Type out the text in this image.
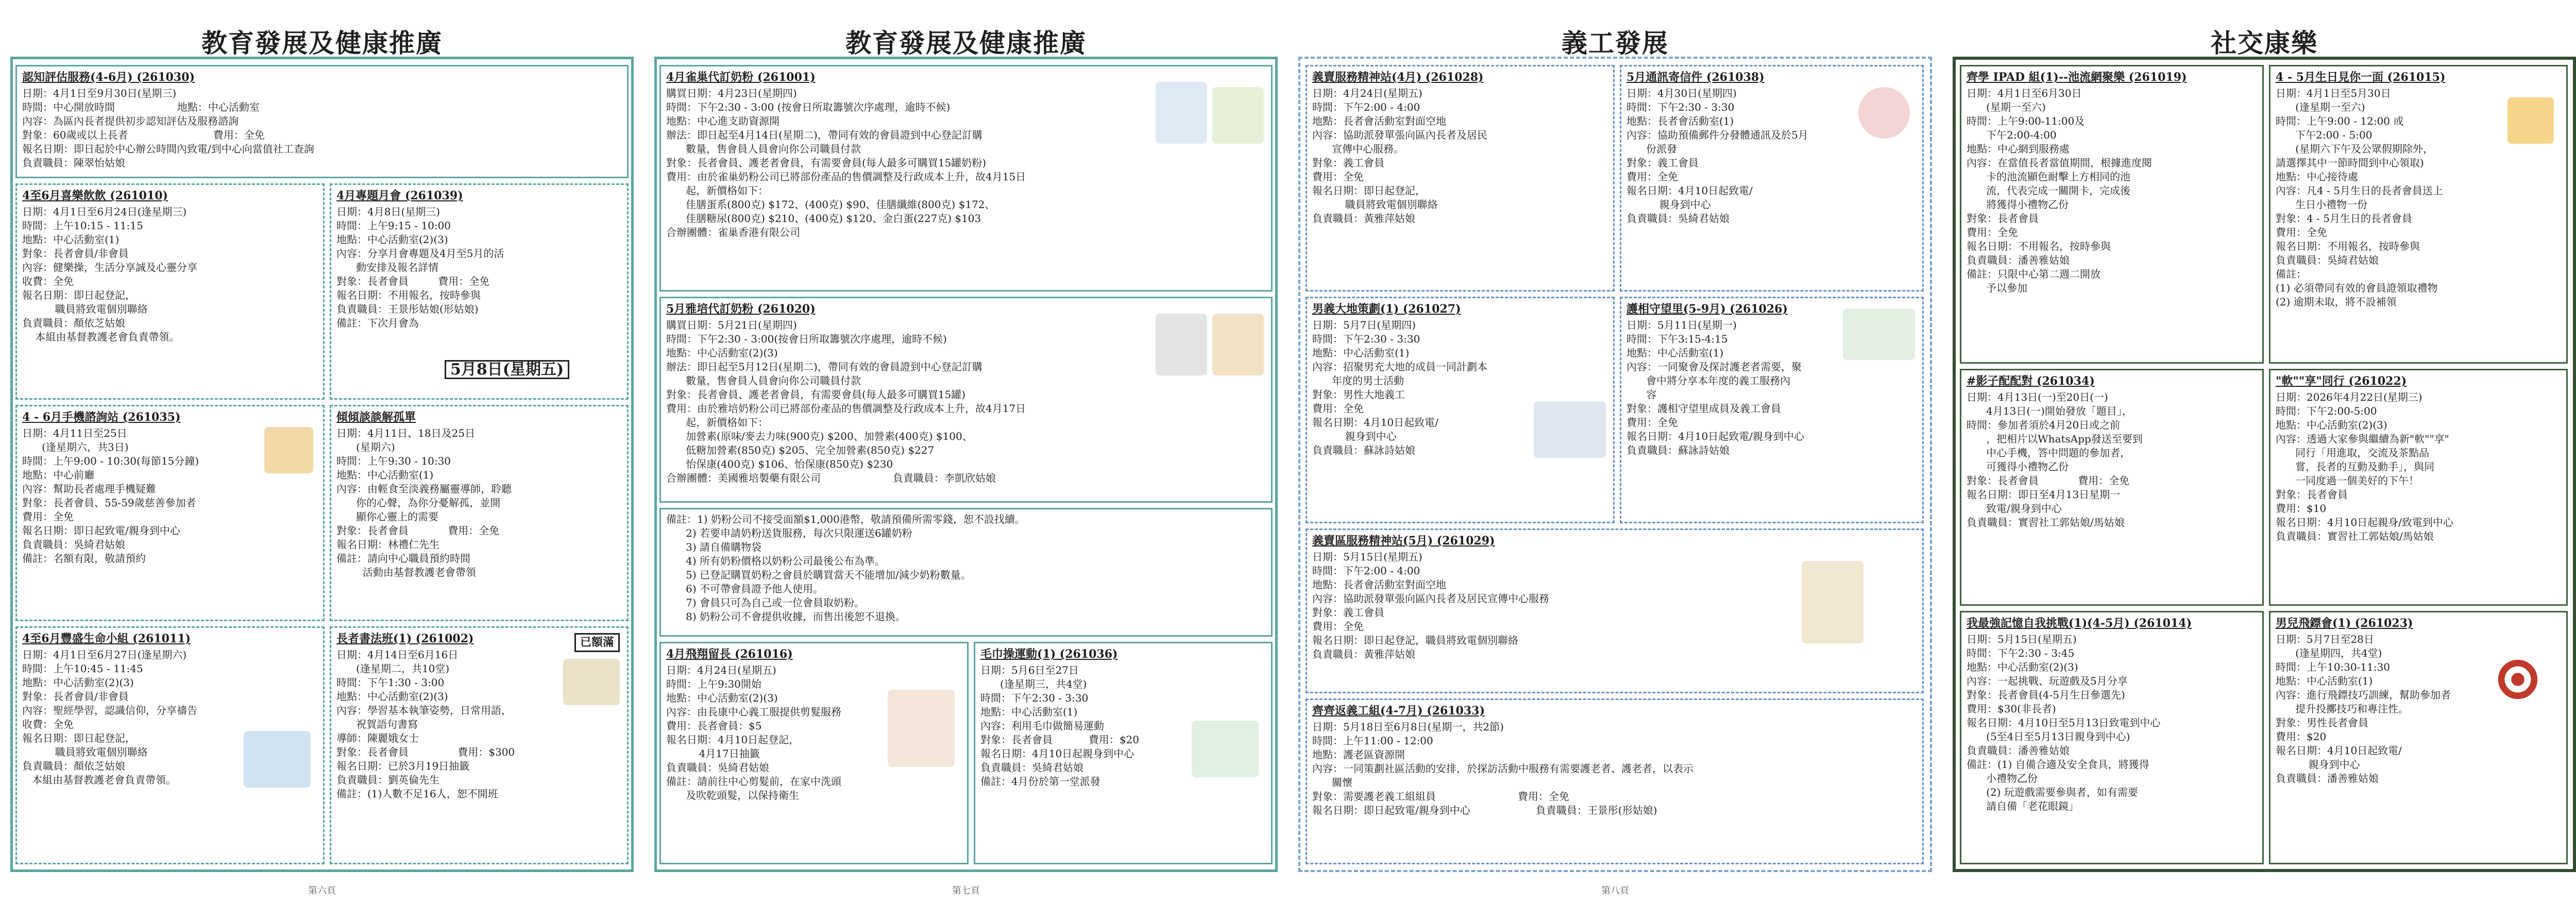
教育發展及健康推廣
認知評估服務(4-6月) (261030)

日期：4月1日至9月30日(星期三)
時間：中心開放時間                   地點：中心活動室
內容：為區內長者提供初步認知評估及服務諮詢
對象：60歲或以上長者                          費用：全免
報名日期：即日起於中心辦公時間內致電/到中心向當值社工查詢
負責職員：陳翠怡姑娘

4至6月喜樂飲飲 (261010)

日期：4月1日至6月24日(逢星期三)
時間：上午10:15 - 11:15
地點：中心活動室(1)
對象：長者會員/非會員
內容：健樂操，生活分享誠及心靈分享
收費：全免
報名日期：即日起登記，
職員將致電個別聯絡
負責職員：顏依芝姑娘
本組由基督教護老會負責帶領。

4月專題月會 (261039)

日期：4月8日(星期三)
時間：上午9:15 - 10:00
地點：中心活動室(2)(3)
內容：分享月會專題及4月至5月的活
動安排及報名詳情
對象：長者會員         費用：全免
報名日期：不用報名，按時參與
負責職員：王景彤姑娘(形姑娘)
備註：下次月會為

5月8日(星期五)
4 - 6月手機諮詢站 (261035)

日期：4月11日至25日
(逢星期六，共3日)
時間：上午9:00 - 10:30(每節15分鐘)
地點：中心前廳
內容：幫助長者處理手機疑難
對象：長者會員、55-59歲慈善參加者
費用：全免
報名日期：即日起致電/親身到中心
負責職員：吳綺君姑娘
備註：名額有限，敬請預約

傾傾談談解孤單

日期：4月11日、18日及25日
(星期六)
時間：上午9:30 - 10:30
地點：中心活動室(1)
內容：由輕食至淡義務屬靈導師，聆聽
你的心聲，為你分憂解孤，並開
顯你心靈上的需要
對象：長者會員            費用：全免
報名日期：林禮仁先生
備註：請向中心職員預約時間
活動由基督教護老會帶領

4至6月豐盛生命小組 (261011)

日期：4月1日至6月27日(逢星期六)
時間：上午10:45 - 11:45
地點：中心活動室(2)(3)
對象：長者會員/非會員
內容：聖經學習，認識信仰，分享禱告
收費：全免
報名日期：即日起登記，
職員將致電個別聯絡
負責職員：顏依芝姑娘
本組由基督教護老會負責帶領。

長者書法班(1) (261002)

日期：4月14日至6月16日
(逢星期二，共10堂)
時間：下午1:30 - 3:00
地點：中心活動室(2)(3)
內容：學習基本執筆姿勢，日常用語，
祝賀語句書寫
導師：陳麗娥女士
對象：長者會員               費用：$300
報名日期：已於3月19日抽籤
負責職員：劉英倫先生
備註：(1)人數不足16人，恕不開班

已額滿
第六頁
教育發展及健康推廣
4月雀巢代訂奶粉 (261001)

購買日期：4月23日(星期四)
時間：下午2:30 - 3:00 (按會日所取籌號次序處理，逾時不候)
地點：中心進支助資源開
辦法：即日起至4月14日(星期二)，帶同有效的會員證到中心登記訂購
數量，售會員人員會向你公司職員付款
對象：長者會員、護老者會員，有需要會員(每人最多可購買15罐奶粉)
費用：由於雀巢奶粉公司已將部份產品的售價調整及行政成本上升，故4月15日
起，新價格如下：
佳膳蛋系(800克) $172、(400克) $90、佳膳纖維(800克) $172、
佳膳糖尿(800克) $210、(400克) $120、金白蛋(227克) $103
合辦團體：雀巢香港有限公司

5月雅培代訂奶粉 (261020)

購買日期：5月21日(星期四)
時間：下午2:30 - 3:00(按會日所取籌號次序處理，逾時不候)
地點：中心活動室(2)(3)
辦法：即日起至5月12日(星期二)，帶同有效的會員證到中心登記訂購
數量，售會員人員會向你公司職員付款
對象：長者會員、護老者會員，有需要會員(每人最多可購買15罐)
費用：由於雅培奶粉公司已將部份產品的售價調整及行政成本上升，故4月17日
起，新價格如下：
加營素(原味/麥去力味(900克) $200、加營素(400克) $100、
低糖加營素(850克) $205、完全加營素(850克) $227
怡保康(400克) $106、怡保康(850克) $230
合辦團體：美國雅培製藥有限公司                      負責職員：李凱欣姑娘

備註：1) 奶粉公司不接受面額$1,000港幣，敬請預備所需零錢，恕不設找續。
2) 若要申請奶粉送貨服務，每次只限運送6罐奶粉
3) 請自備購物袋
4) 所有奶粉價格以奶粉公司最後公布為準。
5) 已登記購買奶粉之會員於購買當天不能增加/減少奶粉數量。
6) 不可帶會員證予他人使用。
7) 會員只可為自己或一位會員取奶粉。
8) 奶粉公司不會提供收據，而售出後恕不退換。

4月飛翔留長 (261016)

日期：4月24日(星期五)
時間：上午9:30開始
地點：中心活動室(2)(3)
內容：由長康中心義工服提供剪髮服務
費用：長者會員：$5
報名日期：4月10日起登記，
4月17日抽籤
負責職員：吳綺君姑娘
備註：請前往中心剪髮前，在家中洗頭
及吹乾頭髮，以保持衛生

毛巾操運動(1) (261036)

日期：5月6日至27日
(逢星期三，共4堂)
時間：下午2:30 - 3:30
地點：中心活動室(1)
內容：利用毛巾做簡易運動
對象：長者會員           費用：$20
報名日期：4月10日起親身到中心
負責職員：吳綺君姑娘
備註：4月份於第一堂派發

第七頁
義工發展
義賣服務精神站(4月) (261028)

日期：4月24日(星期五)
時間：下午2:00 - 4:00
地點：長者會活動室對面空地
內容：協助派發單張向區內長者及居民
宣傳中心服務。
對象：義工會員
費用：全免
報名日期：即日起登記，
職員將致電個別聯絡
負責職員：黃雅萍姑娘

5月通訊寄信件 (261038)

日期：4月30日(星期四)
時間：下午2:30 - 3:30
地點：長者會活動室(1)
內容：協助預備郵件分發體通訊及於5月
份派發
對象：義工會員
費用：全免
報名日期：4月10日起致電/
親身到中心
負責職員：吳綺君姑娘

男義大地策劃(1) (261027)

日期：5月7日(星期四)
時間：下午2:30 - 3:30
地點：中心活動室(1)
內容：招聚男充大地的成員一同計劃本
年度的男士活動
對象：男性大地義工
費用：全免
報名日期：4月10日起致電/
親身到中心
負責職員：蘇詠詩姑娘

護相守望里(5-9月) (261026)

日期：5月11日(星期一)
時間：下午3:15-4:15
地點：中心活動室(1)
內容：一同聚會及探討護老者需要，聚
會中將分享本年度的義工服務內
容
對象：護相守望里成員及義工會員
費用：全免
報名日期：4月10日起致電/親身到中心
負責職員：蘇詠詩姑娘

義賣區服務精神站(5月) (261029)

日期：5月15日(星期五)
時間：下午2:00 - 4:00
地點：長者會活動室對面空地
內容：協助派發單張向區內長者及居民宣傳中心服務
對象：義工會員
費用：全免
報名日期：即日起登記，職員將致電個別聯絡
負責職員：黃雅萍姑娘

齊齊返義工組(4-7月) (261033)

日期：5月18日至6月8日(星期一，共2節)
時間：上午11:00 - 12:00
地點：護老區資源開
內容：一同策劃社區活動的安排，於探訪活動中服務有需要護老者、護老者，以表示
關懷
對象：需要護老義工組組員                         費用：全免
報名日期：即日起致電/親身到中心                    負責職員：王景彤(形姑娘)

第八頁
社交康樂
齊學 IPAD 組(1)--池流網聚樂 (261019)

日期：4月1日至6月30日
(星期一至六)
時間：上午9:00-11:00及
下午2:00-4:00
地點：中心網到服務處
內容：在當值長者當值期間，根據進度閱
卡的池流顯色耐擊上方相同的池
流，代表完成一關開卡，完成後
將獲得小禮物乙份
對象：長者會員
費用：全免
報名日期：不用報名，按時參與
負責職員：潘善雅姑娘
備註：只限中心第二週二開放
予以參加

4 - 5月生日見你一面 (261015)

日期：4月1日至5月30日
(逢星期一至六)
時間：上午9:00 - 12:00 或
下午2:00 - 5:00
(星期六下午及公眾假期除外，
請選擇其中一節時間到中心領取)
地點：中心接待處
內容：凡4 - 5月生日的長者會員送上
生日小禮物一份
對象：4 - 5月生日的長者會員
費用：全免
報名日期：不用報名，按時參與
負責職員：吳綺君姑娘
備註：
(1) 必須帶同有效的會員證領取禮物
(2) 逾期未取，將不設補領

#影子配配對 (261034)

日期：4月13日(一)至20日(一)
4月13日(一)開始發放「題目」，
時間：參加者須於4月20日或之前
，把相片以WhatsApp發送至要到
中心手機，答中問題的參加者，
可獲得小禮物乙份
對象：長者會員            費用：全免
報名日期：即日至4月13日星期一
致電/親身到中心
負責職員：實習社工郭姑娘/馬姑娘

"軟""享"同行 (261022)

日期：2026年4月22日(星期三)
時間：下午2:00-5:00
地點：中心活動室(2)(3)
內容：透過大家參與繼續為新"軟""享"
同行「用進取，交流及茶點品
嘗，長者的互動及動手」，與同
一同度過一個美好的下午！
對象：長者會員
費用：$10
報名日期：4月10日起親身/致電到中心
負責職員：實習社工郭姑娘/馬姑娘

我最強記憶自我挑戰(1)(4-5月) (261014)

日期：5月15日(星期五)
時間：下午2:30 - 3:45
地點：中心活動室(2)(3)
內容：一起挑戰、玩遊戲及5月分享
對象：長者會員(4-5月生日參選先)
費用：$30(非長者)
報名日期：4月10日至5月13日致電到中心
(5至4日至5月13日親身到中心)
負責職員：潘善雅姑娘
備註：(1) 自備合適及安全食具，將獲得
小禮物乙份
(2) 玩遊戲需要參與者，如有需要
請自備「老花眼鏡」

男兒飛鏢會(1) (261023)

日期：5月7日至28日
(逢星期四，共4堂)
時間：上午10:30-11:30
地點：中心活動室(1)
內容：進行飛鏢技巧訓練，幫助參加者
提升投擲技巧和專注性。
對象：男性長者會員
費用：$20
報名日期：4月10日起致電/
親身到中心
負責職員：潘善雅姑娘
